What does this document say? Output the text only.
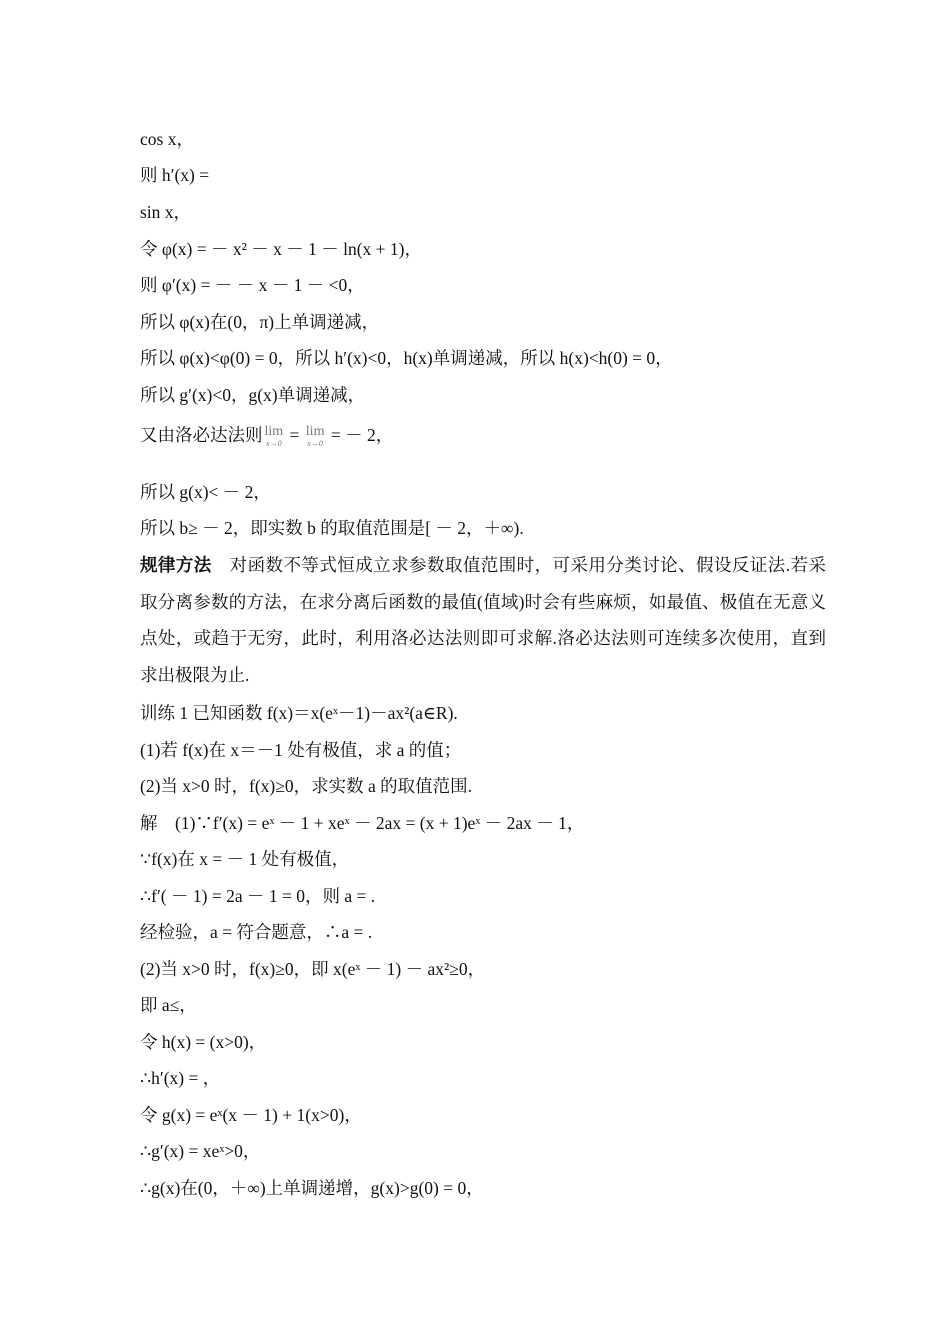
cos x，
则 h′(x) =
sin x，
令 φ(x) = － x² － x － 1 － ln(x + 1)，
则 φ′(x) = － － x － 1 － <0，
所以 φ(x)在(0，π)上单调递减，
所以 φ(x)<φ(0) = 0，所以 h′(x)<0，h(x)单调递减，所以 h(x)<h(0) = 0，
所以 g′(x)<0，g(x)单调递减，
又由洛必达法则 lim
x→0 = lim
x→0 = － 2，
所以 g(x)< － 2，
所以 b≥ － 2，即实数 b 的取值范围是[ － 2，＋∞).
规律方法　对函数不等式恒成立求参数取值范围时，可采用分类讨论、假设反证法.若采取分离参数的方法，在求分离后函数的最值(值域)时会有些麻烦，如最值、极值在无意义点处，或趋于无穷，此时，利用洛必达法则即可求解.洛必达法则可连续多次使用，直到求出极限为止.
训练 1 已知函数 f(x)＝x(eˣ－1)－ax²(a∈R).
(1)若 f(x)在 x＝－1 处有极值，求 a 的值；
(2)当 x>0 时，f(x)≥0，求实数 a 的取值范围.
解　(1)∵f′(x) = eˣ － 1 + xeˣ － 2ax = (x + 1)eˣ － 2ax － 1，
∵f(x)在 x = － 1 处有极值，
∴f′( － 1) = 2a － 1 = 0，则 a = .
经检验，a = 符合题意，∴a = .
(2)当 x>0 时，f(x)≥0，即 x(eˣ － 1) － ax²≥0，
即 a≤，
令 h(x) = (x>0)，
∴h′(x) = ，
令 g(x) = eˣ(x － 1) + 1(x>0)，
∴g′(x) = xeˣ>0，
∴g(x)在(0，＋∞)上单调递增，g(x)>g(0) = 0，
